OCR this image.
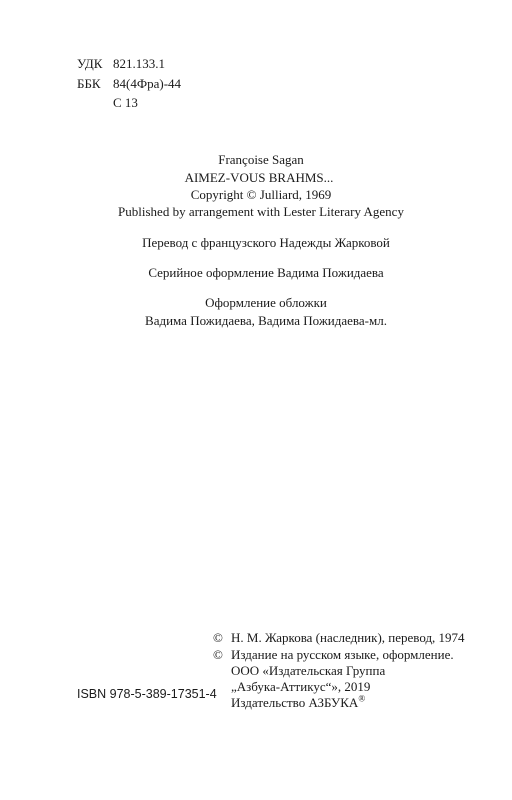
УДК 821.133.1
ББК 84(4Фра)-44
С 13
Françoise Sagan
AIMEZ-VOUS BRAHMS...
Copyright © Julliard, 1969
Published by arrangement with Lester Literary Agency
Перевод с французского Надежды Жарковой
Серийное оформление Вадима Пожидаева
Оформление обложки
Вадима Пожидаева, Вадима Пожидаева-мл.
© Н. М. Жаркова (наследник), перевод, 1974
© Издание на русском языке, оформление.
ООО «Издательская Группа
„Азбука-Аттикус“», 2019
Издательство АЗБУКА®
ISBN 978-5-389-17351-4
